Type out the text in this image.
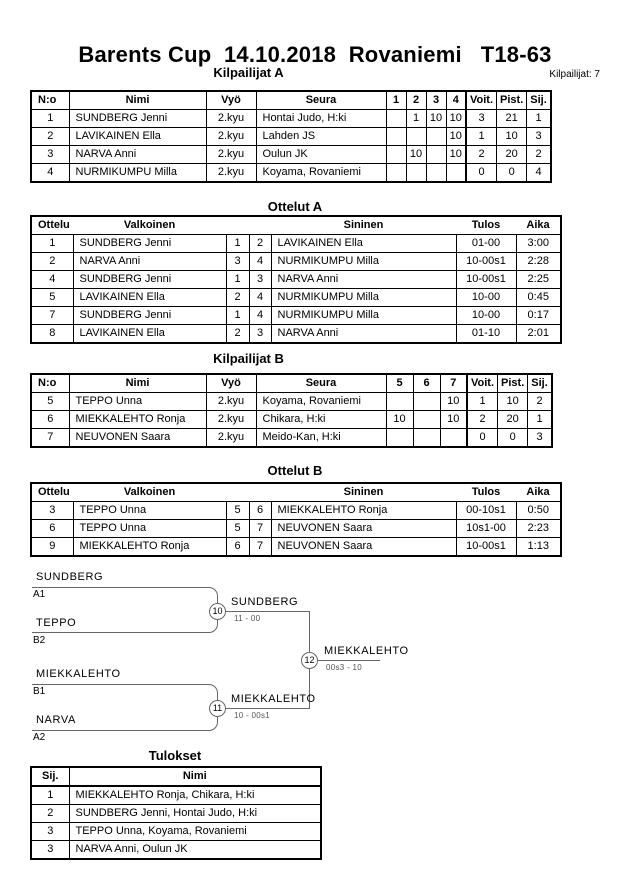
Barents Cup  14.10.2018  Rovaniemi   T18-63
Kilpailijat: 7
Kilpailijat A
N:o	Nimi	Vyö	Seura	1	2	3	4	Voit.	Pist.	Sij.
1	SUNDBERG Jenni	2.kyu	Hontai Judo, H:ki		1	10	10	3	21	1
2	LAVIKAINEN Ella	2.kyu	Lahden JS				10	1	10	3
3	NARVA Anni	2.kyu	Oulun JK		10		10	2	20	2
4	NURMIKUMPU Milla	2.kyu	Koyama, Rovaniemi					0	0	4
Ottelut A
Ottelu	Valkoinen			Sininen	Tulos	Aika
1	SUNDBERG Jenni	1	2	LAVIKAINEN Ella	01-00	3:00
2	NARVA Anni	3	4	NURMIKUMPU Milla	10-00s1	2:28
4	SUNDBERG Jenni	1	3	NARVA Anni	10-00s1	2:25
5	LAVIKAINEN Ella	2	4	NURMIKUMPU Milla	10-00	0:45
7	SUNDBERG Jenni	1	4	NURMIKUMPU Milla	10-00	0:17
8	LAVIKAINEN Ella	2	3	NARVA Anni	01-10	2:01
Kilpailijat B
N:o	Nimi	Vyö	Seura	5	6	7	Voit.	Pist.	Sij.
5	TEPPO Unna	2.kyu	Koyama, Rovaniemi			10	1	10	2
6	MIEKKALEHTO Ronja	2.kyu	Chikara, H:ki	10		10	2	20	1
7	NEUVONEN Saara	2.kyu	Meido-Kan, H:ki				0	0	3
Ottelut B
Ottelu	Valkoinen			Sininen	Tulos	Aika
3	TEPPO Unna	5	6	MIEKKALEHTO Ronja	00-10s1	0:50
6	TEPPO Unna	5	7	NEUVONEN Saara	10s1-00	2:23
9	MIEKKALEHTO Ronja	6	7	NEUVONEN Saara	10-00s1	1:13
SUNDBERG
A1
TEPPO
B2
MIEKKALEHTO
B1
NARVA
A2
10
11
12
SUNDBERG
11 - 00
MIEKKALEHTO
10 - 00s1
MIEKKALEHTO
00s3 - 10
Tulokset
Sij.	Nimi
1	MIEKKALEHTO Ronja, Chikara, H:ki
2	SUNDBERG Jenni, Hontai Judo, H:ki
3	TEPPO Unna, Koyama, Rovaniemi
3	NARVA Anni, Oulun JK
